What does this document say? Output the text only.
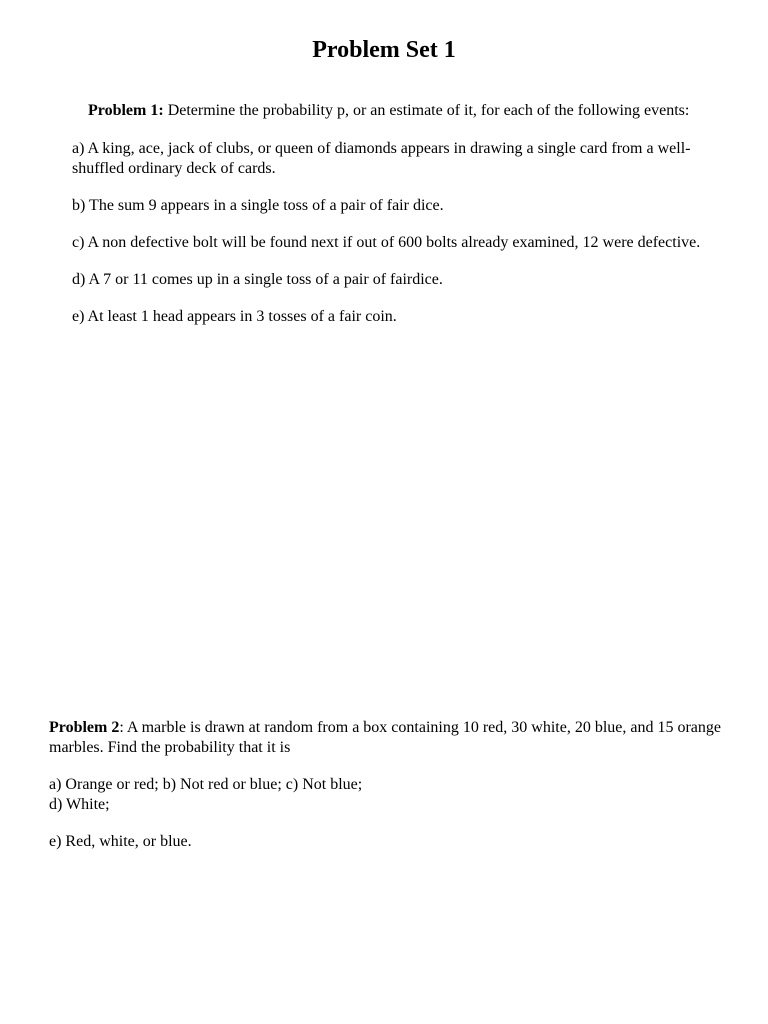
Problem Set 1

Problem 1: Determine the probability p, or an estimate of it, for each of the following events:

a) A king, ace, jack of clubs, or queen of diamonds appears in drawing a single card from a well-shuffled ordinary deck of cards.
b) The sum 9 appears in a single toss of a pair of fair dice.
c) A non defective bolt will be found next if out of 600 bolts already examined, 12 were defective.
d) A 7 or 11 comes up in a single toss of a pair of fairdice.
e) At least 1 head appears in 3 tosses of a fair coin.

Problem 2: A marble is drawn at random from a box containing 10 red, 30 white, 20 blue, and 15 orange marbles. Find the probability that it is

a) Orange or red; b) Not red or blue; c) Not blue;
d) White;

e) Red, white, or blue.
